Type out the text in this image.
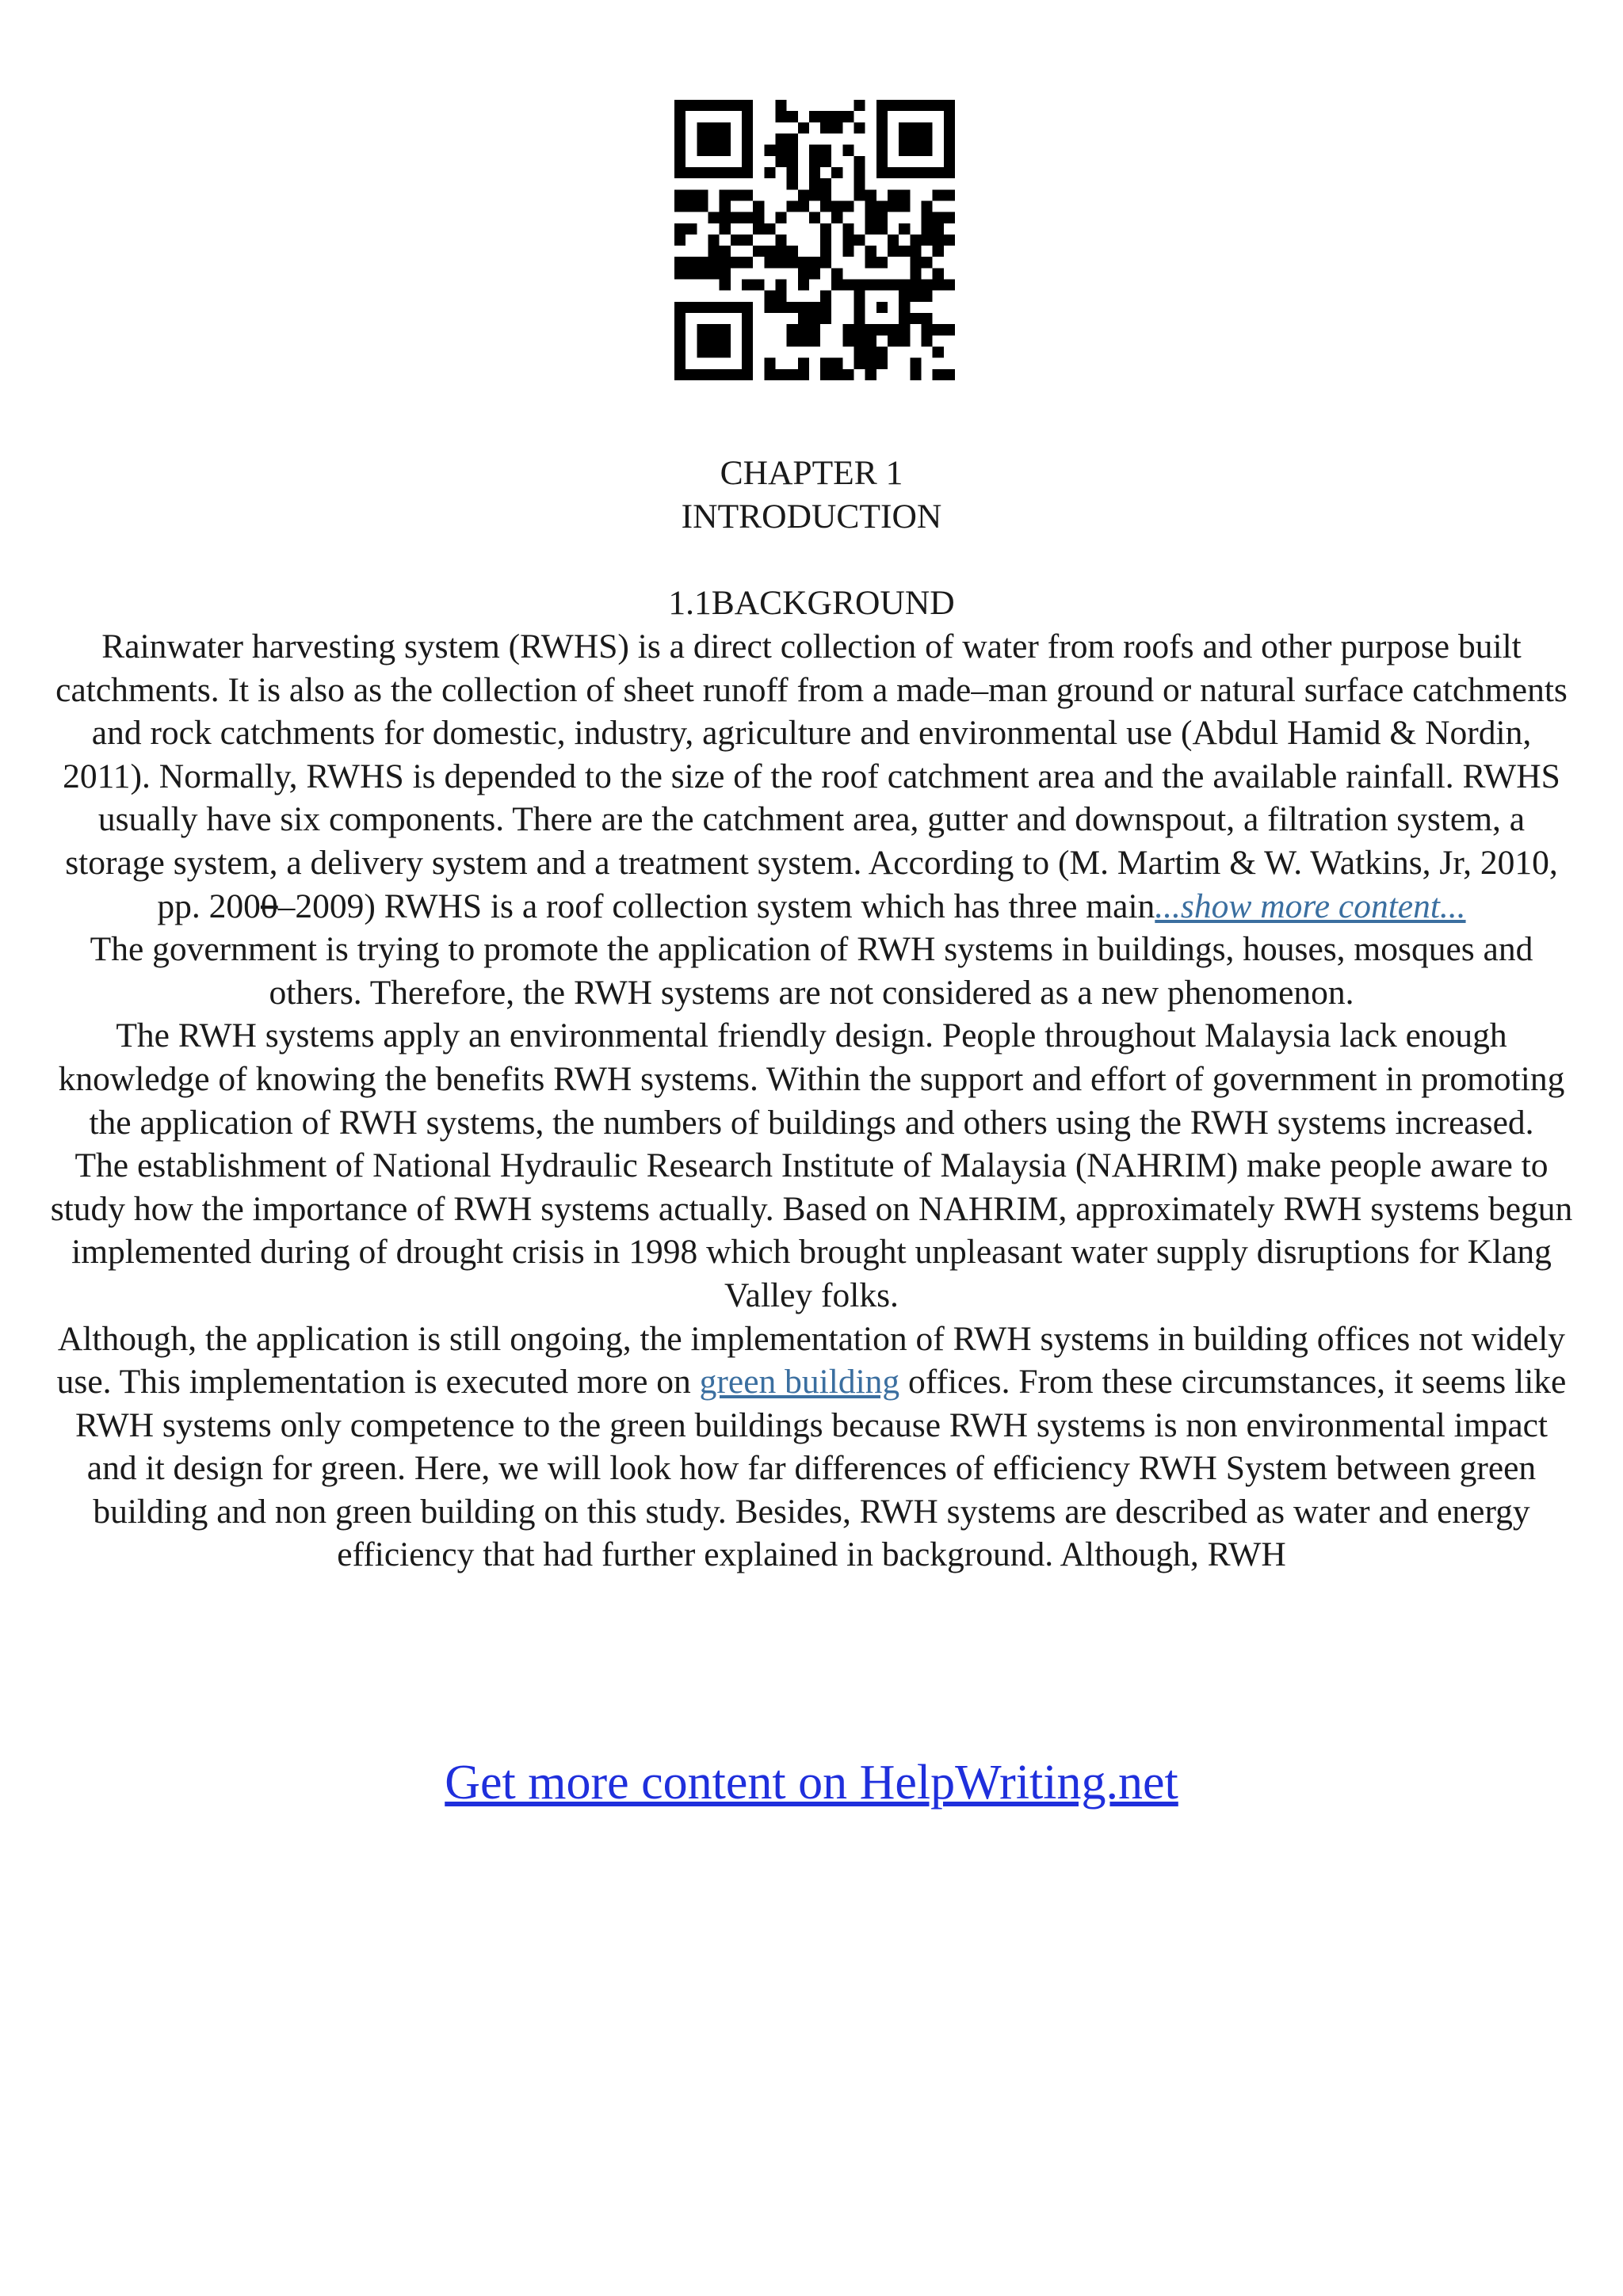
CHAPTER 1
INTRODUCTION
1.1BACKGROUND

Rainwater harvesting system (RWHS) is a direct collection of water from roofs and other purpose built catchments. It is also as the collection of sheet runoff from a made–man ground or natural surface catchments and rock catchments for domestic, industry, agriculture and environmental use (Abdul Hamid & Nordin, 2011). Normally, RWHS is depended to the size of the roof catchment area and the available rainfall. RWHS usually have six components. There are the catchment area, gutter and downspout, a filtration system, a storage system, a delivery system and a treatment system. According to (M. Martim & W. Watkins, Jr, 2010, pp. 2000–2009) RWHS is a roof collection system which has three main...show more content...

The government is trying to promote the application of RWH systems in buildings, houses, mosques and others. Therefore, the RWH systems are not considered as a new phenomenon.

The RWH systems apply an environmental friendly design. People throughout Malaysia lack enough knowledge of knowing the benefits RWH systems. Within the support and effort of government in promoting the application of RWH systems, the numbers of buildings and others using the RWH systems increased.

The establishment of National Hydraulic Research Institute of Malaysia (NAHRIM) make people aware to study how the importance of RWH systems actually. Based on NAHRIM, approximately RWH systems begun implemented during of drought crisis in 1998 which brought unpleasant water supply disruptions for Klang Valley folks.

Although, the application is still ongoing, the implementation of RWH systems in building offices not widely use. This implementation is executed more on green building offices. From these circumstances, it seems like RWH systems only competence to the green buildings because RWH systems is non environmental impact and it design for green. Here, we will look how far differences of efficiency RWH System between green building and non green building on this study. Besides, RWH systems are described as water and energy efficiency that had further explained in background. Although, RWH

Get more content on HelpWriting.net
